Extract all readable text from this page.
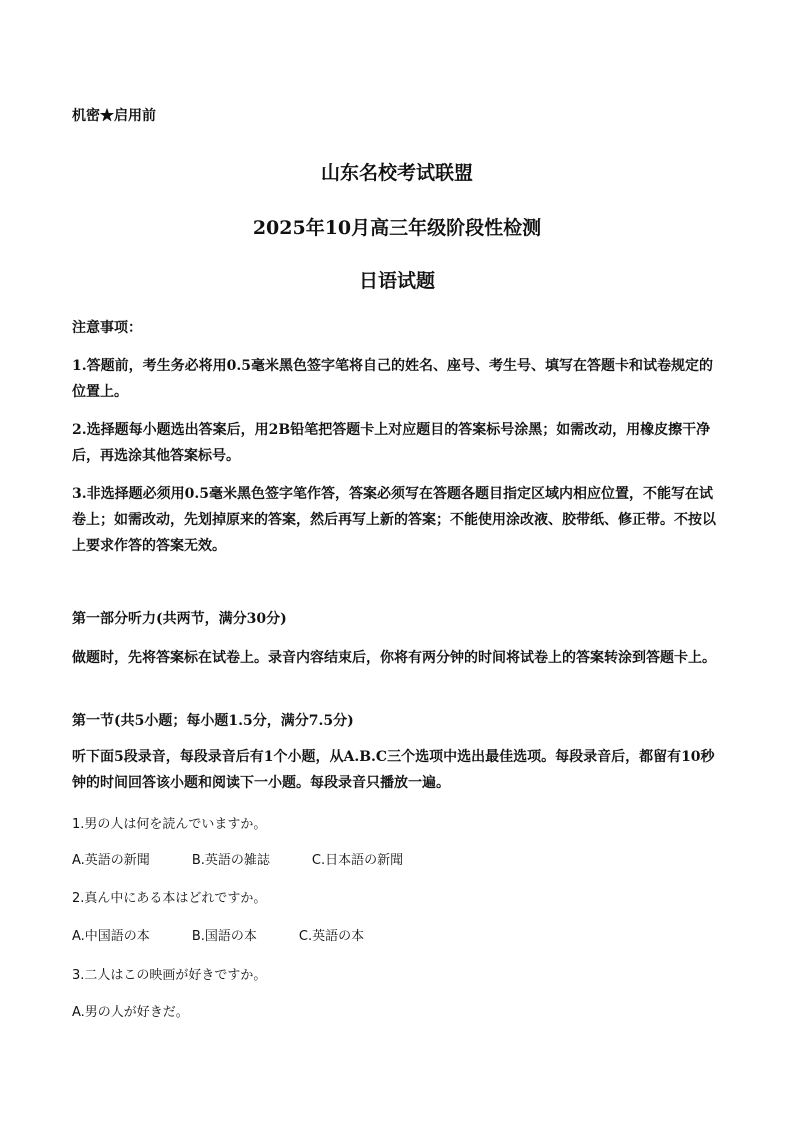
机密★启用前
山东名校考试联盟
2025年10月高三年级阶段性检测
日语试题
注意事项：
1.答题前，考生务必将用0.5毫米黑色签字笔将自己的姓名、座号、考生号、填写在答题卡和试卷规定的位置上。
2.选择题每小题选出答案后，用2B铅笔把答题卡上对应题目的答案标号涂黑；如需改动，用橡皮擦干净后，再选涂其他答案标号。
3.非选择题必须用0.5毫米黑色签字笔作答，答案必须写在答题各题目指定区域内相应位置，不能写在试卷上；如需改动，先划掉原来的答案，然后再写上新的答案；不能使用涂改液、胶带纸、修正带。不按以上要求作答的答案无效。
第一部分听力(共两节，满分30分)
做题时，先将答案标在试卷上。录音内容结束后，你将有两分钟的时间将试卷上的答案转涂到答题卡上。
第一节(共5小题；每小题1.5分，满分7.5分)
听下面5段录音，每段录音后有1个小题，从A.B.C三个选项中选出最佳选项。每段录音后，都留有10秒钟的时间回答该小题和阅读下一小题。每段录音只播放一遍。
1.男の人は何を読んでいますか。
A.英語の新聞	B.英語の雑誌	C.日本語の新聞
2.真ん中にある本はどれですか。
A.中国語の本	B.国語の本	C.英語の本
3.二人はこの映画が好きですか。
A.男の人が好きだ。
